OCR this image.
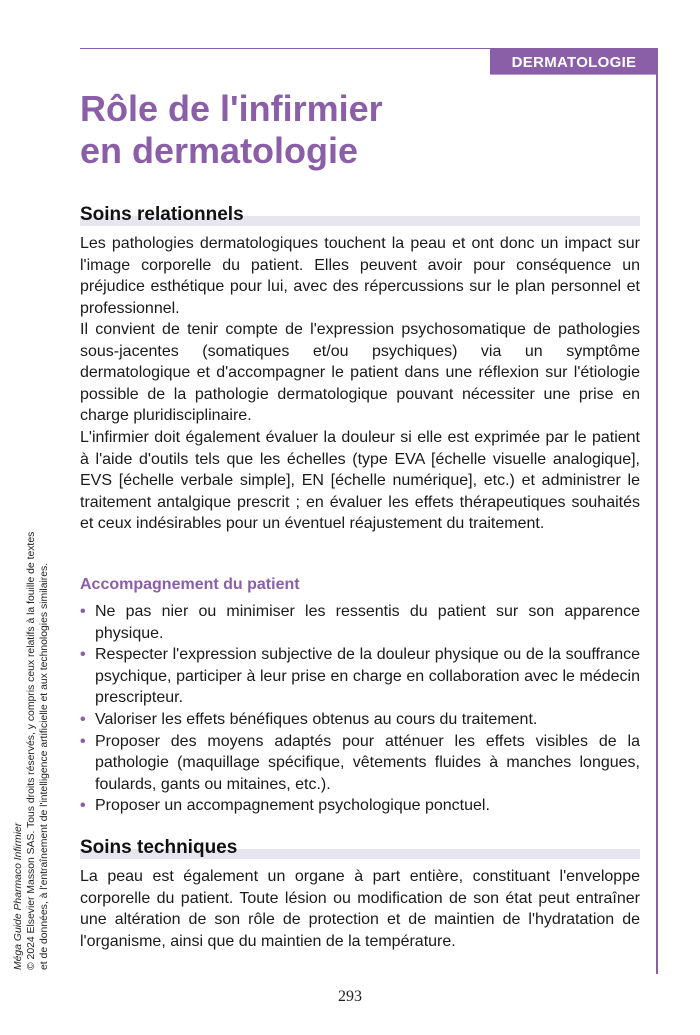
DERMATOLOGIE
Rôle de l'infirmier
en dermatologie
Soins relationnels

Les pathologies dermatologiques touchent la peau et ont donc un impact sur l'image corporelle du patient. Elles peuvent avoir pour conséquence un préjudice esthétique pour lui, avec des répercussions sur le plan personnel et professionnel.

Il convient de tenir compte de l'expression psychosomatique de pathologies sous-jacentes (somatiques et/ou psychiques) via un symptôme dermatologique et d'accompagner le patient dans une réflexion sur l'étiologie possible de la pathologie dermatologique pouvant nécessiter une prise en charge pluridisciplinaire.

L'infirmier doit également évaluer la douleur si elle est exprimée par le patient à l'aide d'outils tels que les échelles (type EVA [échelle visuelle analogique], EVS [échelle verbale simple], EN [échelle numérique], etc.) et administrer le traitement antalgique prescrit ; en évaluer les effets thérapeutiques souhaités et ceux indésirables pour un éventuel réajustement du traitement.

Accompagnement du patient
• Ne pas nier ou minimiser les ressentis du patient sur son apparence physique.
• Respecter l'expression subjective de la douleur physique ou de la souffrance psychique, participer à leur prise en charge en collaboration avec le médecin prescripteur.
• Valoriser les effets bénéfiques obtenus au cours du traitement.
• Proposer des moyens adaptés pour atténuer les effets visibles de la pathologie (maquillage spécifique, vêtements fluides à manches longues, foulards, gants ou mitaines, etc.).
• Proposer un accompagnement psychologique ponctuel.
Soins techniques

La peau est également un organe à part entière, constituant l'enveloppe corporelle du patient. Toute lésion ou modification de son état peut entraîner une altération de son rôle de protection et de maintien de l'hydratation de l'organisme, ainsi que du maintien de la température.

Méga Guide Pharmaco Infirmier © 2024 Elsevier Masson SAS. Tous droits réservés, y compris ceux relatifs à la fouille de textes et de données, à l'entraînement de l'intelligence artificielle et aux technologies similaires.
293
